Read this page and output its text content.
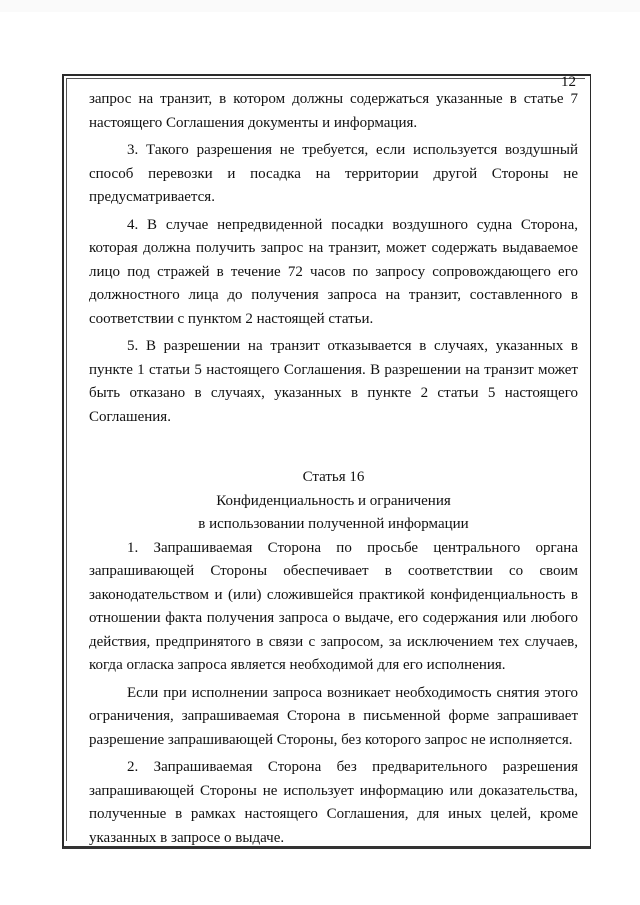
12

запрос на транзит, в котором должны содержаться указанные в статье 7 настоящего Соглашения документы и информация.

3. Такого разрешения не требуется, если используется воздушный способ перевозки и посадка на территории другой Стороны не предусматривается.

4. В случае непредвиденной посадки воздушного судна Сторона, которая должна получить запрос на транзит, может содержать выдаваемое лицо под стражей в течение 72 часов по запросу сопровождающего его должностного лица до получения запроса на транзит, составленного в соответствии с пунктом 2 настоящей статьи.

5. В разрешении на транзит отказывается в случаях, указанных в пункте 1 статьи 5 настоящего Соглашения. В разрешении на транзит может быть отказано в случаях, указанных в пункте 2 статьи 5 настоящего Соглашения.

Статья 16

Конфиденциальность и ограничения

в использовании полученной информации

1. Запрашиваемая Сторона по просьбе центрального органа запрашивающей Стороны обеспечивает в соответствии со своим законодательством и (или) сложившейся практикой конфиденциальность в отношении факта получения запроса о выдаче, его содержания или любого действия, предпринятого в связи с запросом, за исключением тех случаев, когда огласка запроса является необходимой для его исполнения.

Если при исполнении запроса возникает необходимость снятия этого ограничения, запрашиваемая Сторона в письменной форме запрашивает разрешение запрашивающей Стороны, без которого запрос не исполняется.

2. Запрашиваемая Сторона без предварительного разрешения запрашивающей Стороны не использует информацию или доказательства, полученные в рамках настоящего Соглашения, для иных целей, кроме указанных в запросе о выдаче.
